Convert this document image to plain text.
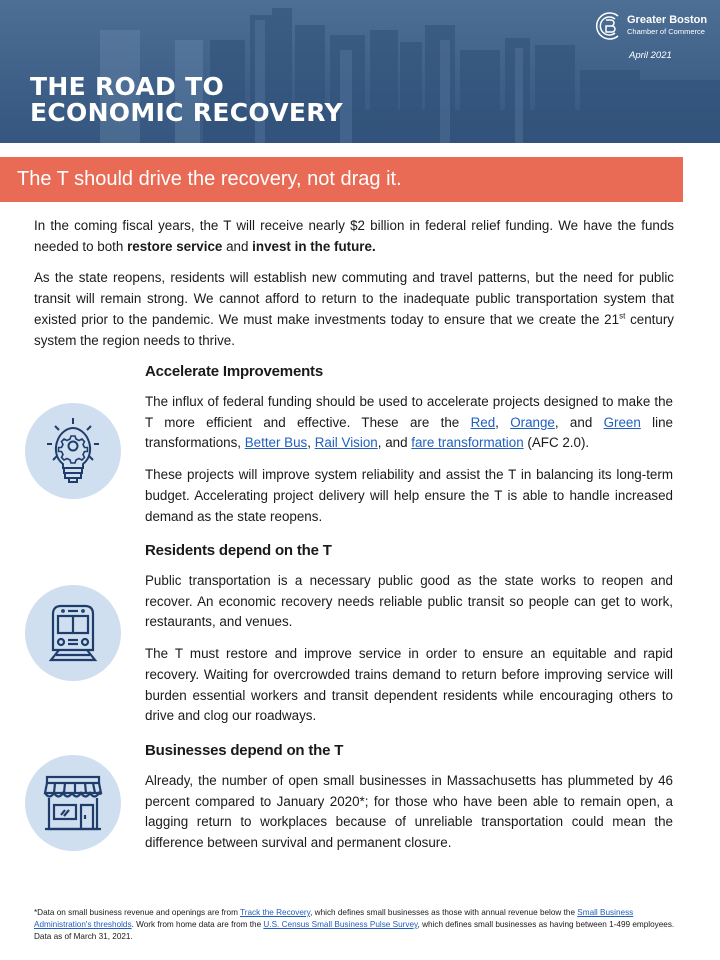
Greater Boston
Chamber of Commerce
April 2021
THE ROAD TO
ECONOMIC RECOVERY
The T should drive the recovery, not drag it.

In the coming fiscal years, the T will receive nearly $2 billion in federal relief funding. We have the funds needed to both restore service and invest in the future.

As the state reopens, residents will establish new commuting and travel patterns, but the need for public transit will remain strong. We cannot afford to return to the inadequate public transportation system that existed prior to the pandemic. We must make investments today to ensure that we create the 21st century system the region needs to thrive.

Accelerate Improvements

The influx of federal funding should be used to accelerate projects designed to make the T more efficient and effective. These are the Red, Orange, and Green line transformations, Better Bus, Rail Vision, and fare transformation (AFC 2.0).

These projects will improve system reliability and assist the T in balancing its long-term budget. Accelerating project delivery will help ensure the T is able to handle increased demand as the state reopens.

Residents depend on the T

Public transportation is a necessary public good as the state works to reopen and recover. An economic recovery needs reliable public transit so people can get to work, restaurants, and venues.

The T must restore and improve service in order to ensure an equitable and rapid recovery. Waiting for overcrowded trains demand to return before improving service will burden essential workers and transit dependent residents while encouraging others to drive and clog our roadways.

Businesses depend on the T

Already, the number of open small businesses in Massachusetts has plummeted by 46 percent compared to January 2020*; for those who have been able to remain open, a lagging return to workplaces because of unreliable transportation could mean the difference between survival and permanent closure.

*Data on small business revenue and openings are from Track the Recovery, which defines small businesses as those with annual revenue below the Small Business Administration's thresholds. Work from home data are from the U.S. Census Small Business Pulse Survey, which defines small businesses as having between 1-499 employees. Data as of March 31, 2021.
